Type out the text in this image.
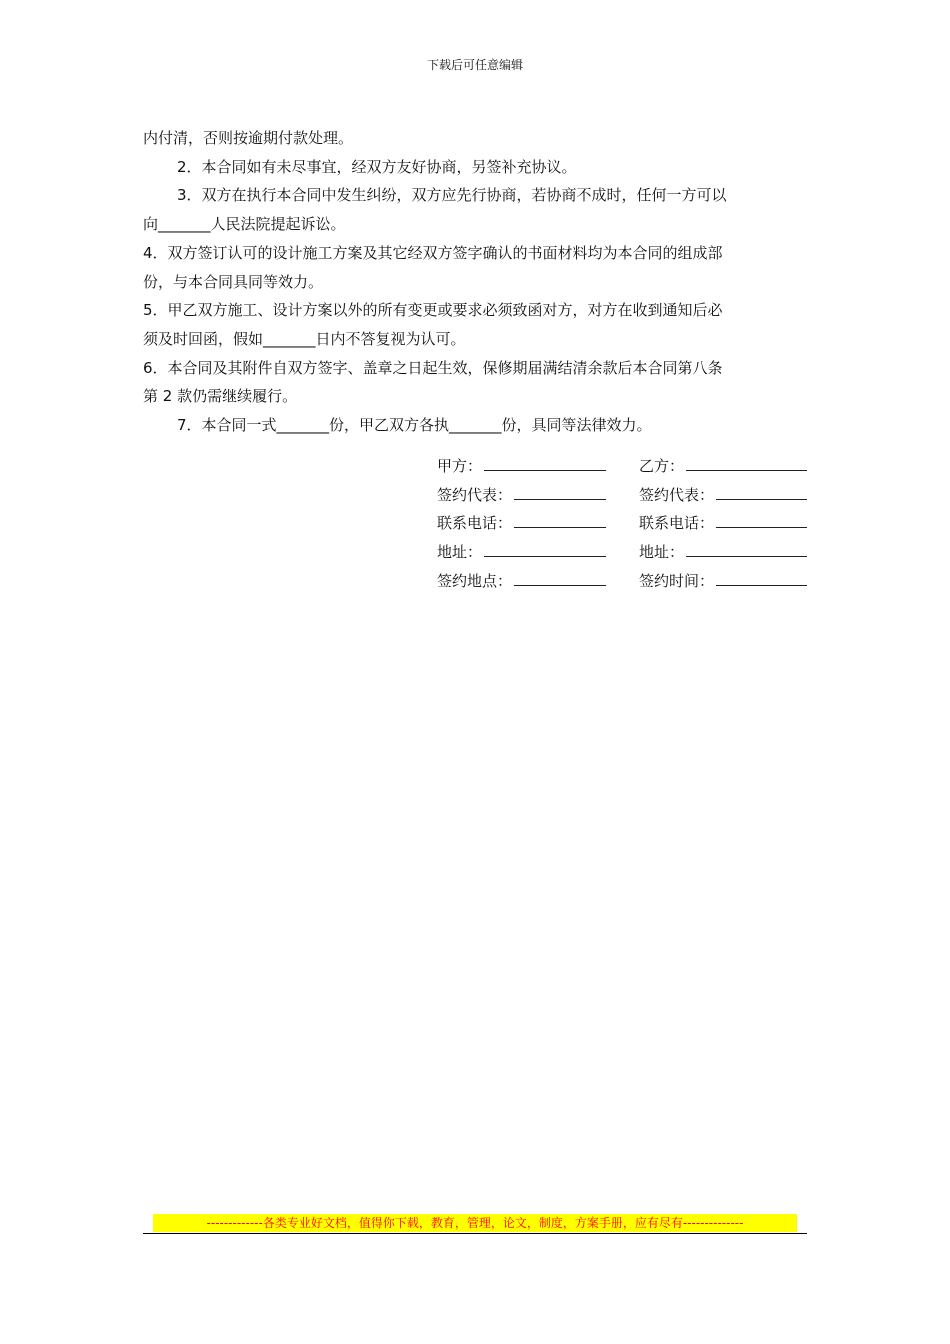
下载后可任意编辑

内付清，否则按逾期付款处理。

2．本合同如有未尽事宜，经双方友好协商，另签补充协议。

3．双方在执行本合同中发生纠纷，双方应先行协商，若协商不成时，任何一方可以

向_______人民法院提起诉讼。

4．双方签订认可的设计施工方案及其它经双方签字确认的书面材料均为本合同的组成部

份，与本合同具同等效力。

5．甲乙双方施工、设计方案以外的所有变更或要求必须致函对方，对方在收到通知后必

须及时回函，假如_______日内不答复视为认可。

6．本合同及其附件自双方签字、盖章之日起生效，保修期届满结清余款后本合同第八条

第 2 款仍需继续履行。

7．本合同一式_______份，甲乙双方各执_______份，具同等法律效力。

甲方：	乙方：
签约代表：	签约代表：
联系电话：	联系电话：
地址：	地址：
签约地点：	签约时间：
-------------各类专业好文档，值得你下载，教育，管理，论文，制度，方案手册，应有尽有--------------
